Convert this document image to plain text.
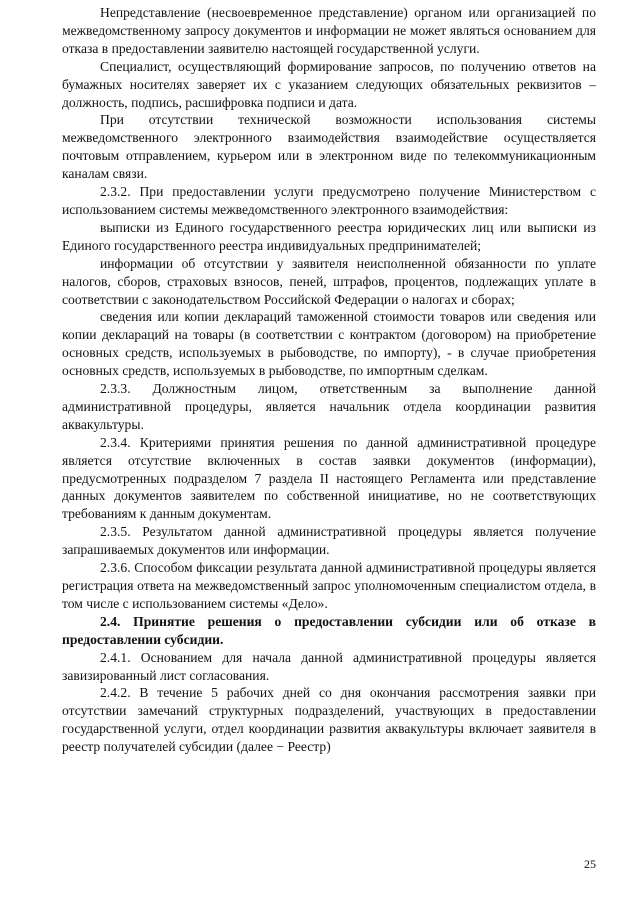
Непредставление (несвоевременное представление) органом или организацией по межведомственному запросу документов и информации не может являться основанием для отказа в предоставлении заявителю настоящей государственной услуги.

Специалист, осуществляющий формирование запросов, по получению ответов на бумажных носителях заверяет их с указанием следующих обязательных реквизитов – должность, подпись, расшифровка подписи и дата.

При отсутствии технической возможности использования системы межведомственного электронного взаимодействия взаимодействие осуществляется почтовым отправлением, курьером или в электронном виде по телекоммуникационным каналам связи.

2.3.2. При предоставлении услуги предусмотрено получение Министерством с использованием системы межведомственного электронного взаимодействия:

выписки из Единого государственного реестра юридических лиц или выписки из Единого государственного реестра индивидуальных предпринимателей;

информации об отсутствии у заявителя неисполненной обязанности по уплате налогов, сборов, страховых взносов, пеней, штрафов, процентов, подлежащих уплате в соответствии с законодательством Российской Федерации о налогах и сборах;

сведения или копии деклараций таможенной стоимости товаров или сведения или копии деклараций на товары (в соответствии с контрактом (договором) на приобретение основных средств, используемых в рыбоводстве, по импорту), - в случае приобретения основных средств, используемых в рыбоводстве, по импортным сделкам.

2.3.3. Должностным лицом, ответственным за выполнение данной административной процедуры, является начальник отдела координации развития аквакультуры.

2.3.4. Критериями принятия решения по данной административной процедуре является отсутствие включенных в состав заявки документов (информации), предусмотренных подразделом 7 раздела II настоящего Регламента или представление данных документов заявителем по собственной инициативе, но не соответствующих требованиям к данным документам.

2.3.5. Результатом данной административной процедуры является получение запрашиваемых документов или информации.

2.3.6. Способом фиксации результата данной административной процедуры является регистрация ответа на межведомственный запрос уполномоченным специалистом отдела, в том числе с использованием системы «Дело».

2.4. Принятие решения о предоставлении субсидии или об отказе в предоставлении субсидии.

2.4.1. Основанием для начала данной административной процедуры является завизированный лист согласования.

2.4.2. В течение 5 рабочих дней со дня окончания рассмотрения заявки при отсутствии замечаний структурных подразделений, участвующих в предоставлении государственной услуги, отдел координации развития аквакультуры включает заявителя в реестр получателей субсидии (далее − Реестр)

25
